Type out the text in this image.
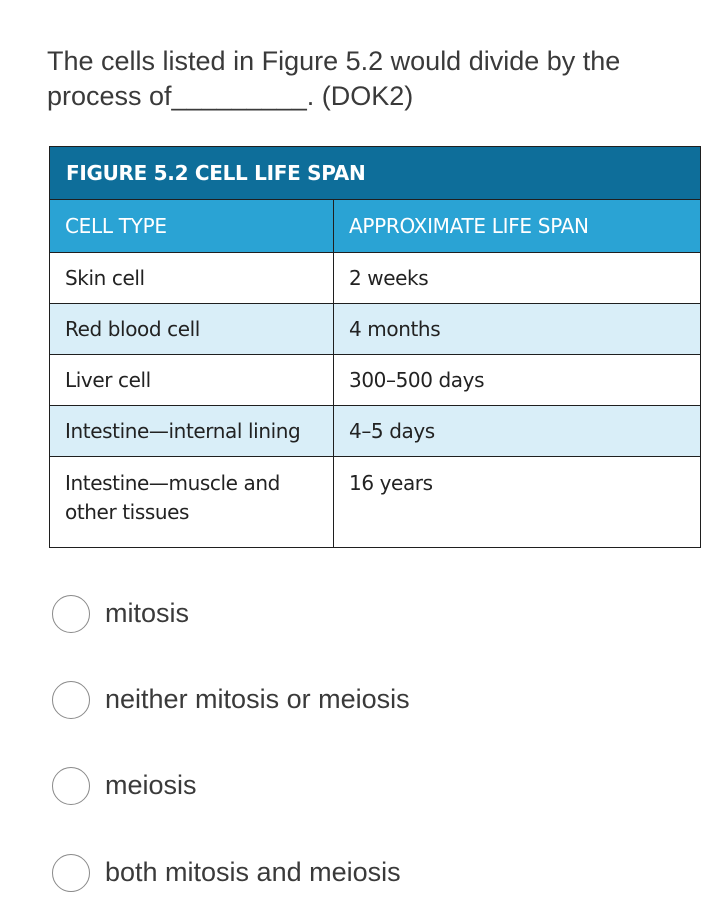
The cells listed in Figure 5.2 would divide by the process of_________. (DOK2)

FIGURE 5.2 CELL LIFE SPAN	
CELL TYPE	APPROXIMATE LIFE SPAN
Skin cell	2 weeks
Red blood cell	4 months
Liver cell	300–500 days
Intestine—internal lining	4–5 days
Intestine—muscle and other tissues	16 years
mitosis
neither mitosis or meiosis
meiosis
both mitosis and meiosis
